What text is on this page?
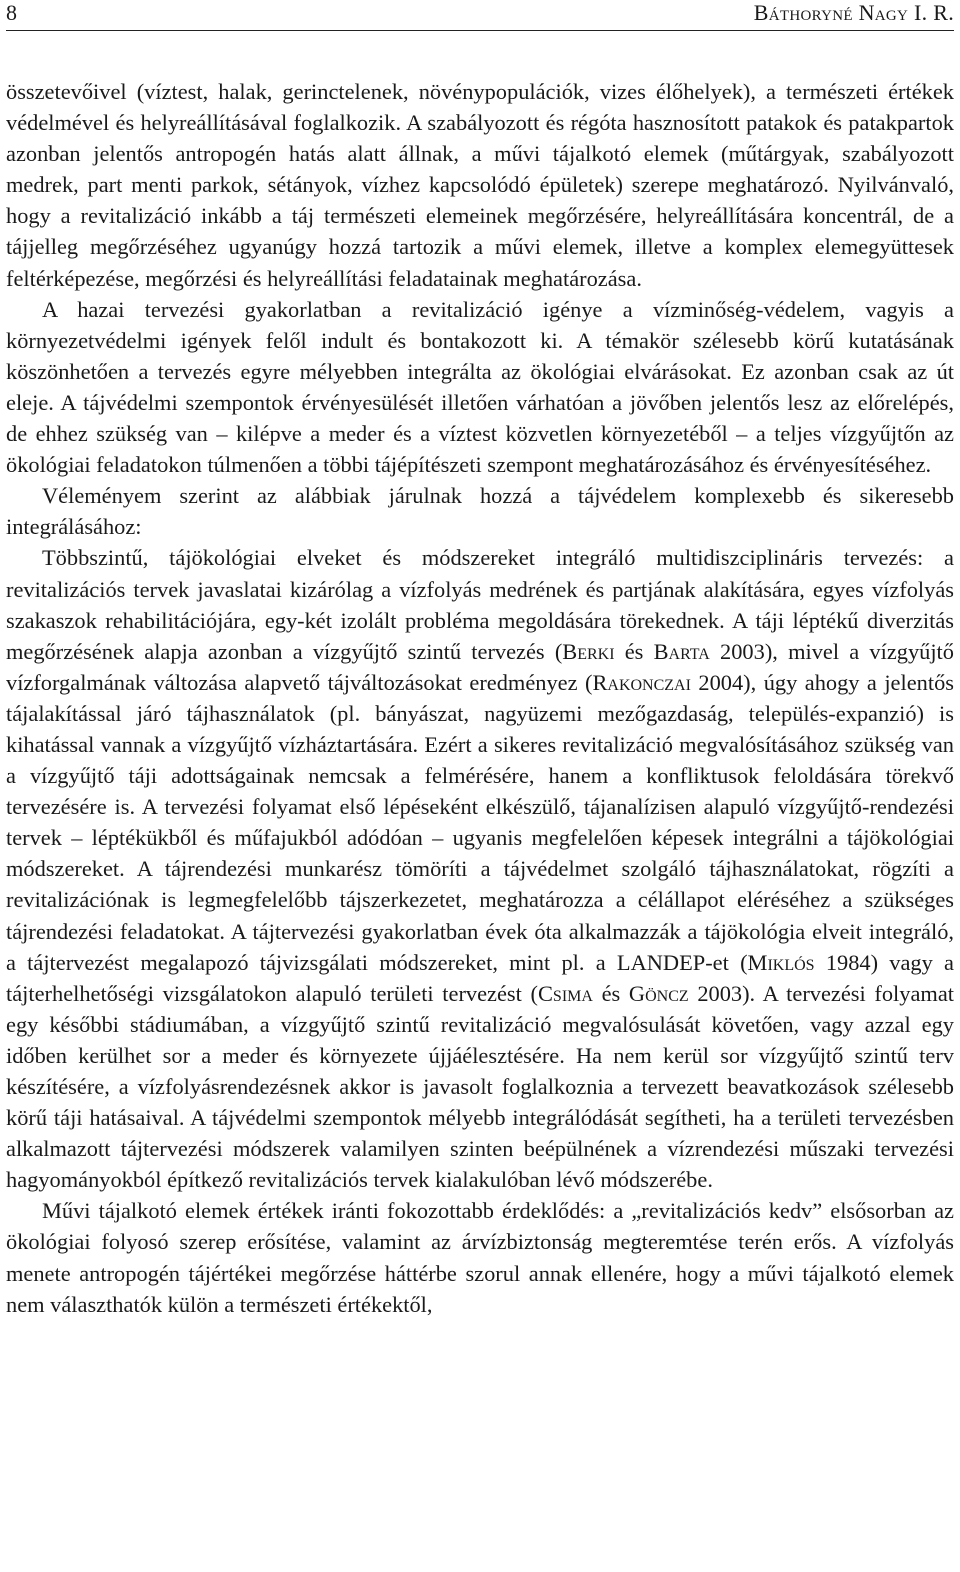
8	Báthoryné Nagy I. R.

összetevőivel (víztest, halak, gerinctelenek, növénypopulációk, vizes élőhelyek), a természeti értékek védelmével és helyreállításával foglalkozik. A szabályozott és régóta hasznosított patakok és patakpartok azonban jelentős antropogén hatás alatt állnak, a művi tájalkotó elemek (műtárgyak, szabályozott medrek, part menti parkok, sétányok, vízhez kapcsolódó épületek) szerepe meghatározó. Nyilvánvaló, hogy a revitalizáció inkább a táj természeti elemeinek megőrzésére, helyreállítására koncentrál, de a tájjelleg megőrzéséhez ugyanúgy hozzá tartozik a művi elemek, illetve a komplex elemegyüttesek feltérképezése, megőrzési és helyreállítási feladatainak meghatározása.

A hazai tervezési gyakorlatban a revitalizáció igénye a vízminőség-védelem, vagyis a környezetvédelmi igények felől indult és bontakozott ki. A témakör szélesebb körű kutatásának köszönhetően a tervezés egyre mélyebben integrálta az ökológiai elvárásokat. Ez azonban csak az út eleje. A tájvédelmi szempontok érvényesülését illetően várhatóan a jövőben jelentős lesz az előrelépés, de ehhez szükség van – kilépve a meder és a víztest közvetlen környezetéből – a teljes vízgyűjtőn az ökológiai feladatokon túlmenően a többi tájépítészeti szempont meghatározásához és érvényesítéséhez.

Véleményem szerint az alábbiak járulnak hozzá a tájvédelem komplexebb és sikeresebb integrálásához:

Többszintű, tájökológiai elveket és módszereket integráló multidiszciplináris tervezés: a revitalizációs tervek javaslatai kizárólag a vízfolyás medrének és partjának alakítására, egyes vízfolyás szakaszok rehabilitációjára, egy-két izolált probléma megoldására törekednek. A táji léptékű diverzitás megőrzésének alapja azonban a vízgyűjtő szintű tervezés (Berki és Barta 2003), mivel a vízgyűjtő vízforgalmának változása alapvető tájváltozásokat eredményez (Rakonczai 2004), úgy ahogy a jelentős tájalakítással járó tájhasználatok (pl. bányászat, nagyüzemi mezőgazdaság, település-expanzió) is kihatással vannak a vízgyűjtő vízháztartására. Ezért a sikeres revitalizáció megvalósításához szükség van a vízgyűjtő táji adottságainak nemcsak a felmérésére, hanem a konfliktusok feloldására törekvő tervezésére is. A tervezési folyamat első lépéseként elkészülő, tájanalízisen alapuló vízgyűjtő-rendezési tervek – léptékükből és műfajukból adódóan – ugyanis megfelelően képesek integrálni a tájökológiai módszereket. A tájrendezési munkarész tömöríti a tájvédelmet szolgáló tájhasználatokat, rögzíti a revitalizációnak is legmegfelelőbb tájszerkezetet, meghatározza a célállapot eléréséhez a szükséges tájrendezési feladatokat. A tájtervezési gyakorlatban évek óta alkalmazzák a tájökológia elveit integráló, a tájtervezést megalapozó tájvizsgálati módszereket, mint pl. a LANDEP-et (Miklós 1984) vagy a tájterhelhetőségi vizsgálatokon alapuló területi tervezést (Csima és Göncz 2003). A tervezési folyamat egy későbbi stádiumában, a vízgyűjtő szintű revitalizáció megvalósulását követően, vagy azzal egy időben kerülhet sor a meder és környezete újjáélesztésére. Ha nem kerül sor vízgyűjtő szintű terv készítésére, a vízfolyásrendezésnek akkor is javasolt foglalkoznia a tervezett beavatkozások szélesebb körű táji hatásaival. A tájvédelmi szempontok mélyebb integrálódását segítheti, ha a területi tervezésben alkalmazott tájtervezési módszerek valamilyen szinten beépülnének a vízrendezési műszaki tervezési hagyományokból építkező revitalizációs tervek kialakulóban lévő módszerébe.

Művi tájalkotó elemek értékek iránti fokozottabb érdeklődés: a „revitalizációs kedv” elsősorban az ökológiai folyosó szerep erősítése, valamint az árvízbiztonság megteremtése terén erős. A vízfolyás menete antropogén tájértékei megőrzése háttérbe szorul annak ellenére, hogy a művi tájalkotó elemek nem választhatók külön a természeti értékektől,
